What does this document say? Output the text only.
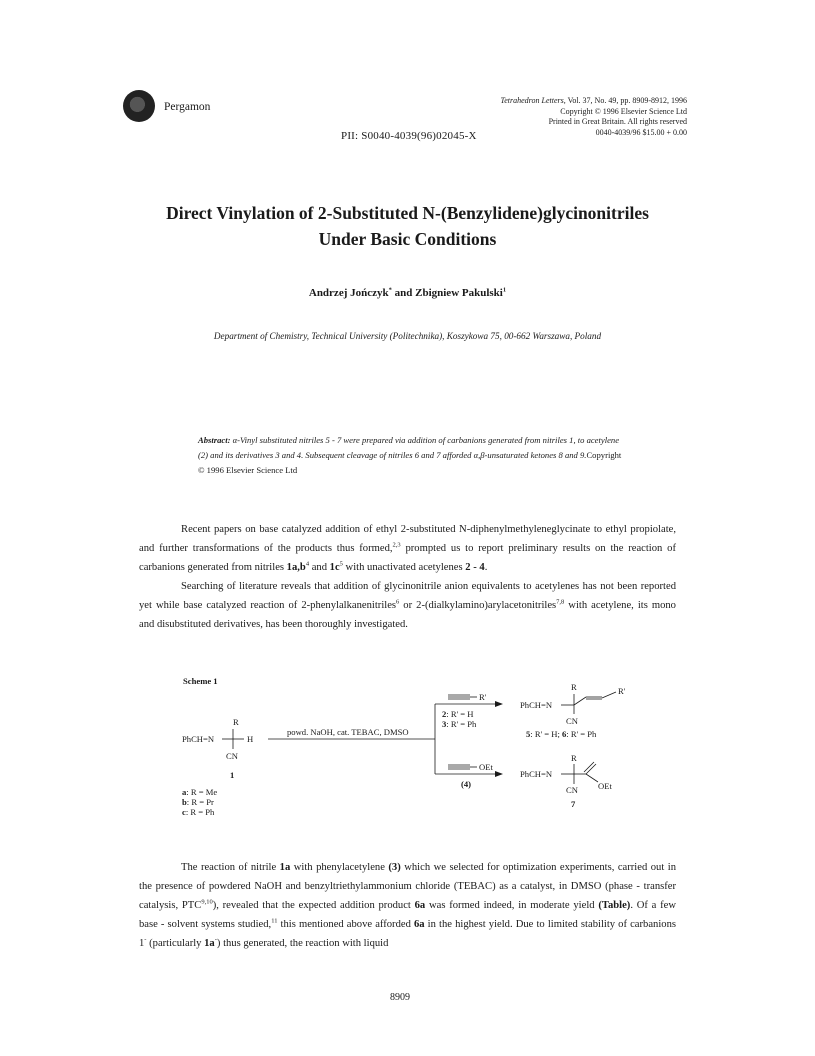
Pergamon
Tetrahedron Letters, Vol. 37, No. 49, pp. 8909-8912, 1996
Copyright © 1996 Elsevier Science Ltd
Printed in Great Britain. All rights reserved
0040-4039/96 $15.00 + 0.00
PII: S0040-4039(96)02045-X
Direct Vinylation of 2-Substituted N-(Benzylidene)glycinonitriles
Under Basic Conditions
Andrzej Jończyk* and Zbigniew Pakulski$^1$
Department of Chemistry, Technical University (Politechnika), Koszykowa 75, 00-662 Warszawa, Poland
Abstract: α-Vinyl substituted nitriles 5 - 7 were prepared via addition of carbanions generated from nitriles 1, to acetylene (2) and its derivatives 3 and 4. Subsequent cleavage of nitriles 6 and 7 afforded α,β-unsaturated ketones 8 and 9.Copyright © 1996 Elsevier Science Ltd

Recent papers on base catalyzed addition of ethyl 2-substituted N-diphenylmethyleneglycinate to ethyl propiolate, and further transformations of the products thus formed,$^{2,3}$ prompted us to report preliminary results on the reaction of carbanions generated from nitriles $1a,b^4$ and $1c^5$ with unactivated acetylenes 2 - 4.

Searching of literature reveals that addition of glycinonitrile anion equivalents to acetylenes has not been reported yet while base catalyzed reaction of 2-phenylalkanenitriles$^6$ or 2-(dialkylamino)arylacetonitriles$^{7,8}$ with acetylene, its mono and disubstituted derivatives, has been thoroughly investigated.

Scheme 1
R
PhCH=N	H
CN
1
a: R = Me
b: R = Pr
c: R = Ph
powd. NaOH, cat. TEBAC, DMSO
R'
2: R' = H
3: R' = Ph
OEt
(4)
R
PhCH=N
R'
CN
5: R' = H; 6: R' = Ph
R
PhCH=N
OEt
CN
7

The reaction of nitrile 1a with phenylacetylene (3) which we selected for optimization experiments, carried out in the presence of powdered NaOH and benzyltriethylammonium chloride (TEBAC) as a catalyst, in DMSO (phase - transfer catalysis, PTC$^{9,10}$), revealed that the expected addition product 6a was formed indeed, in moderate yield (Table). Of a few base - solvent systems studied,$^{11}$ this mentioned above afforded 6a in the highest yield. Due to limited stability of carbanions 1- (particularly 1a-) thus generated, the reaction with liquid

8909
